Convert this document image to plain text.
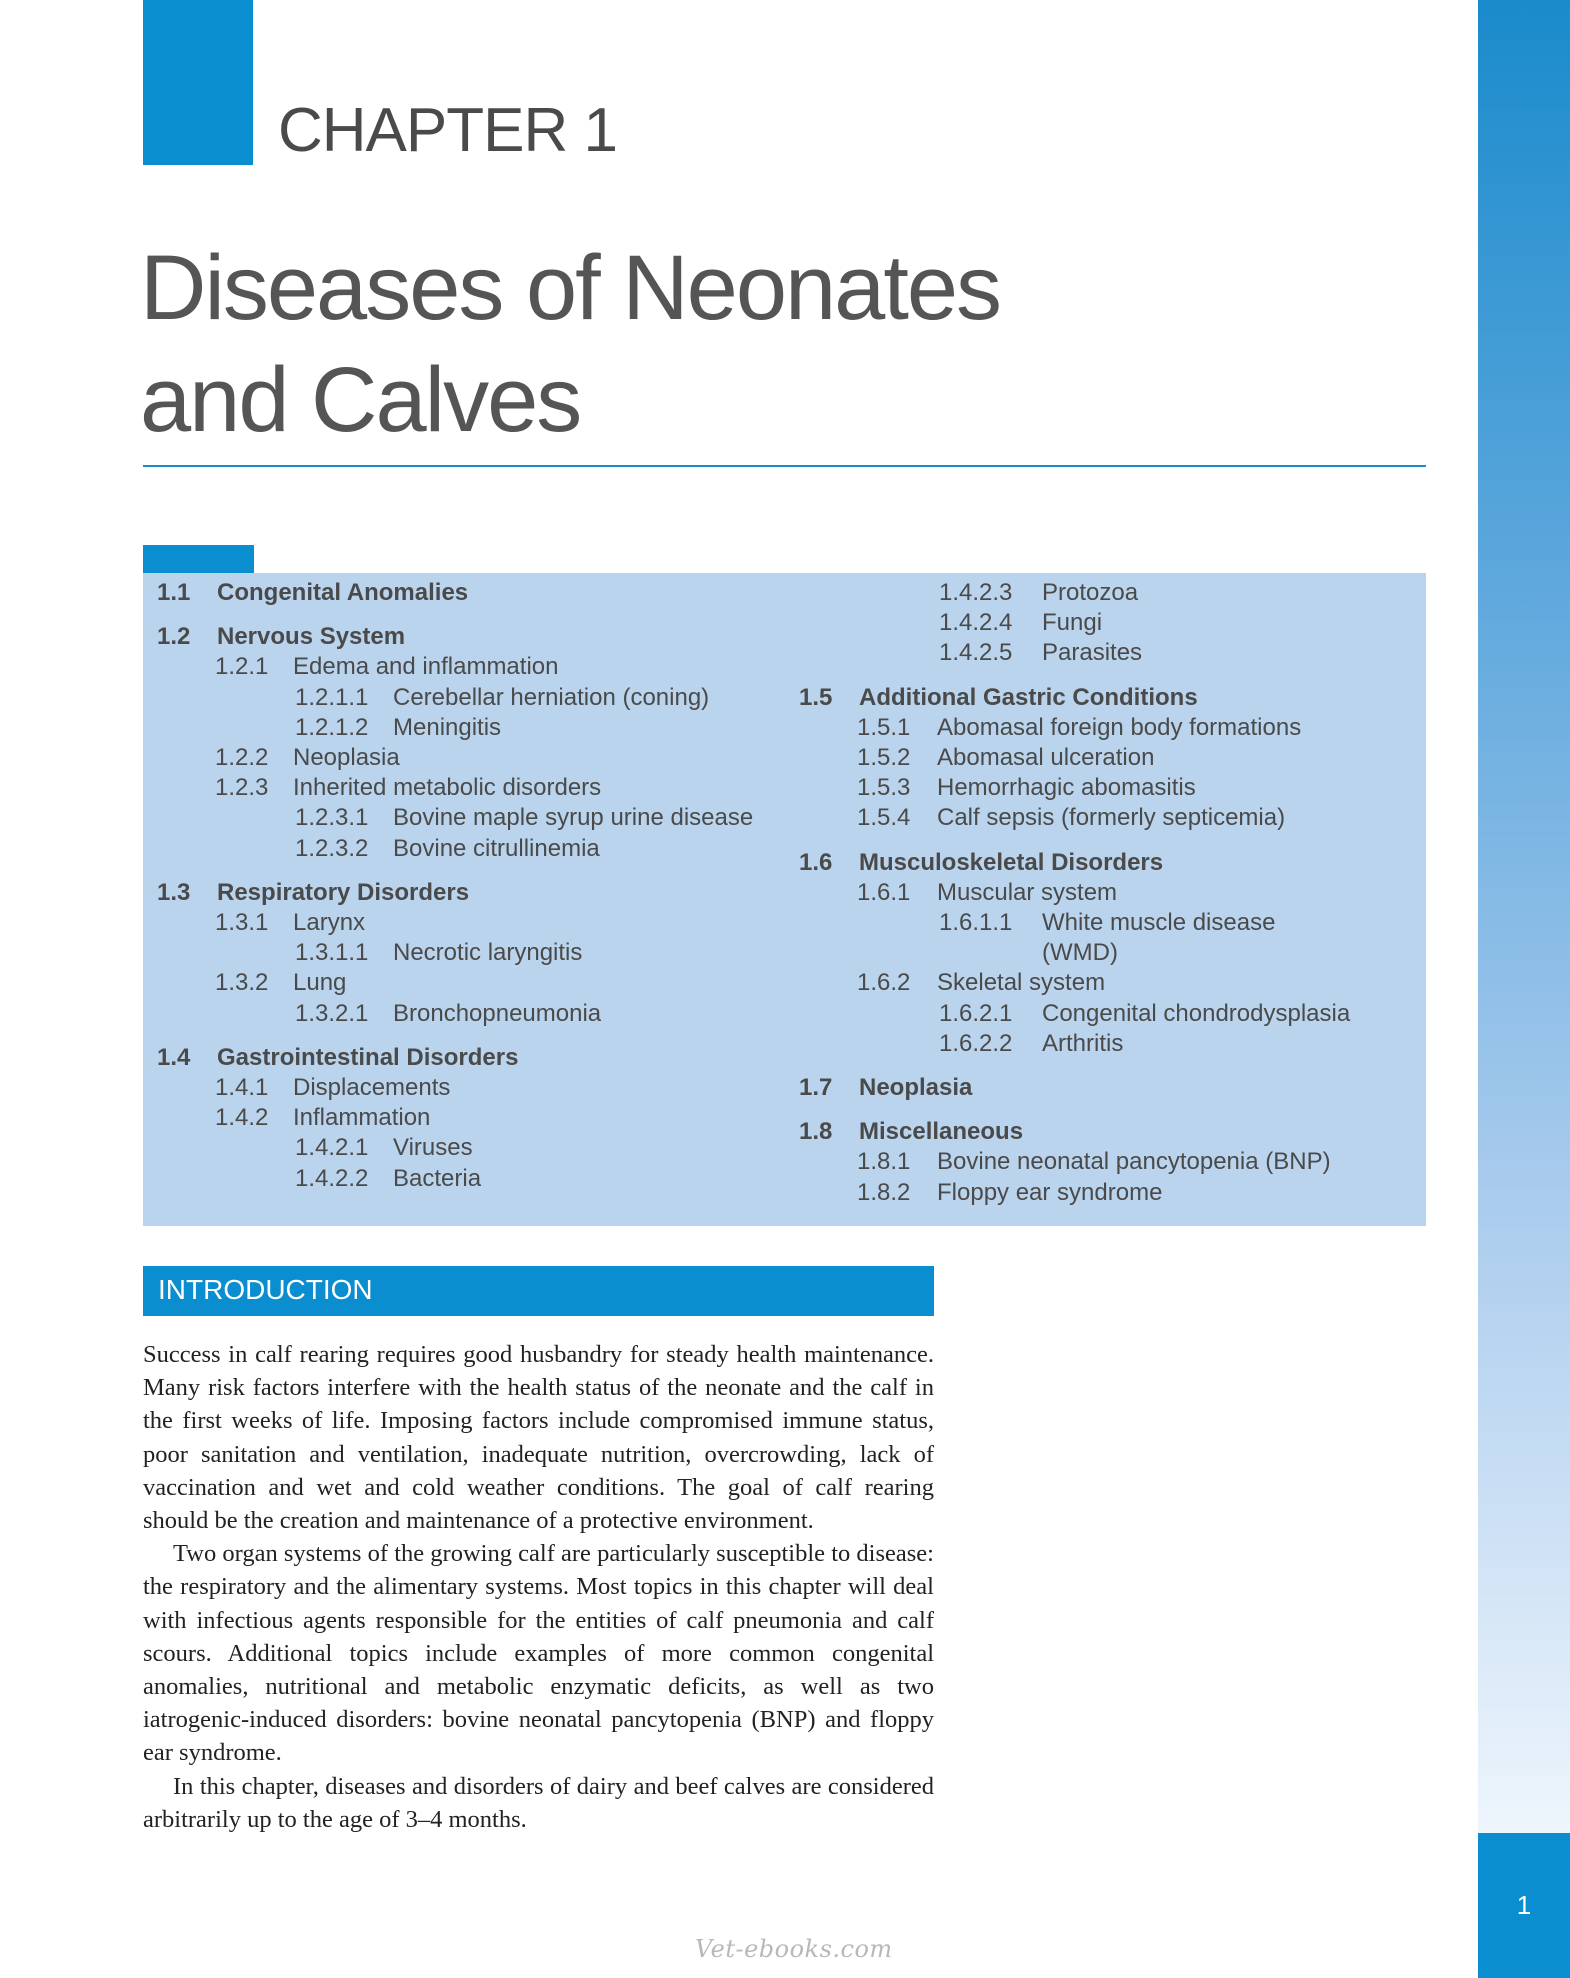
1
CHAPTER 1
Diseases of Neonates
and Calves
1.1 Congenital Anomalies
1.2 Nervous System
1.2.1 Edema and inflammation
1.2.1.1 Cerebellar herniation (coning)
1.2.1.2 Meningitis
1.2.2 Neoplasia
1.2.3 Inherited metabolic disorders
1.2.3.1 Bovine maple syrup urine disease
1.2.3.2 Bovine citrullinemia
1.3 Respiratory Disorders
1.3.1 Larynx
1.3.1.1 Necrotic laryngitis
1.3.2 Lung
1.3.2.1 Bronchopneumonia
1.4 Gastrointestinal Disorders
1.4.1 Displacements
1.4.2 Inflammation
1.4.2.1 Viruses
1.4.2.2 Bacteria
1.4.2.3 Protozoa
1.4.2.4 Fungi
1.4.2.5 Parasites
1.5 Additional Gastric Conditions
1.5.1 Abomasal foreign body formations
1.5.2 Abomasal ulceration
1.5.3 Hemorrhagic abomasitis
1.5.4 Calf sepsis (formerly septicemia)
1.6 Musculoskeletal Disorders
1.6.1 Muscular system
1.6.1.1 White muscle disease
(WMD)
1.6.2 Skeletal system
1.6.2.1 Congenital chondrodysplasia
1.6.2.2 Arthritis
1.7 Neoplasia
1.8 Miscellaneous
1.8.1 Bovine neonatal pancytopenia (BNP)
1.8.2 Floppy ear syndrome
INTRODUCTION

Success in calf rearing requires good husbandry for steady health maintenance. Many risk factors interfere with the health status of the neonate and the calf in the first weeks of life. Imposing factors include compromised immune status, poor sanitation and ventilation, inadequate nutrition, overcrowding, lack of vaccination and wet and cold weather conditions. The goal of calf rearing should be the creation and maintenance of a protective environment.

Two organ systems of the growing calf are particularly susceptible to disease: the respiratory and the alimentary systems. Most topics in this chapter will deal with infectious agents responsible for the entities of calf pneumonia and calf scours. Additional topics include examples of more common congenital anomalies, nutritional and metabolic enzymatic deficits, as well as two iatrogenic-induced disorders: bovine neonatal pancytopenia (BNP) and floppy ear syndrome.

In this chapter, diseases and disorders of dairy and beef calves are considered arbitrarily up to the age of 3–4 months.

Vet-ebooks.com
